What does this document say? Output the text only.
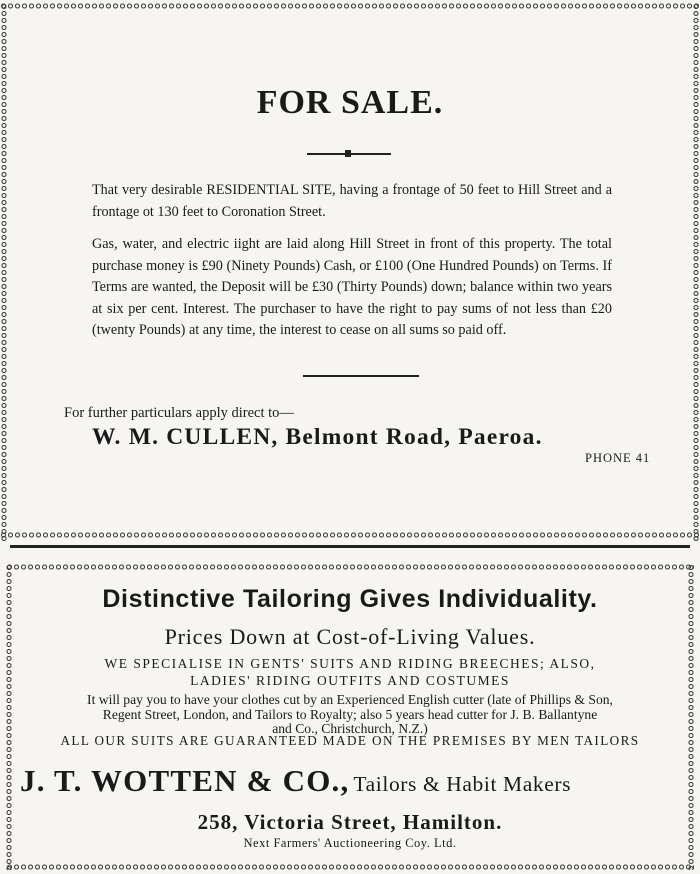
FOR SALE.
That very desirable RESIDENTIAL SITE, having a frontage of 50 feet to Hill Street and a frontage ot 130 feet to Coronation Street.
Gas, water, and electric iight are laid along Hill Street in front of this property. The total purchase money is £90 (Ninety Pounds) Cash, or £100 (One Hundred Pounds) on Terms. If Terms are wanted, the Deposit will be £30 (Thirty Pounds) down; balance within two years at six per cent. Interest. The purchaser to have the right to pay sums of not less than £20 (twenty Pounds) at any time, the interest to cease on all sums so paid off.
For further particulars apply direct to—
W. M. CULLEN, Belmont Road, Paeroa.
PHONE 41
Distinctive Tailoring Gives Individuality.
Prices Down at Cost-of-Living Values.
WE SPECIALISE IN GENTS' SUITS AND RIDING BREECHES; ALSO,
LADIES' RIDING OUTFITS AND COSTUMES
It will pay you to have your clothes cut by an Experienced English cutter (late of Phillips & Son,
Regent Street, London, and Tailors to Royalty; also 5 years head cutter for J. B. Ballantyne
and Co., Christchurch, N.Z.)
ALL OUR SUITS ARE GUARANTEED MADE ON THE PREMISES BY MEN TAILORS
J. T. WOTTEN & CO., Tailors & Habit Makers
258, Victoria Street, Hamilton.
Next Farmers' Auctioneering Coy. Ltd.
